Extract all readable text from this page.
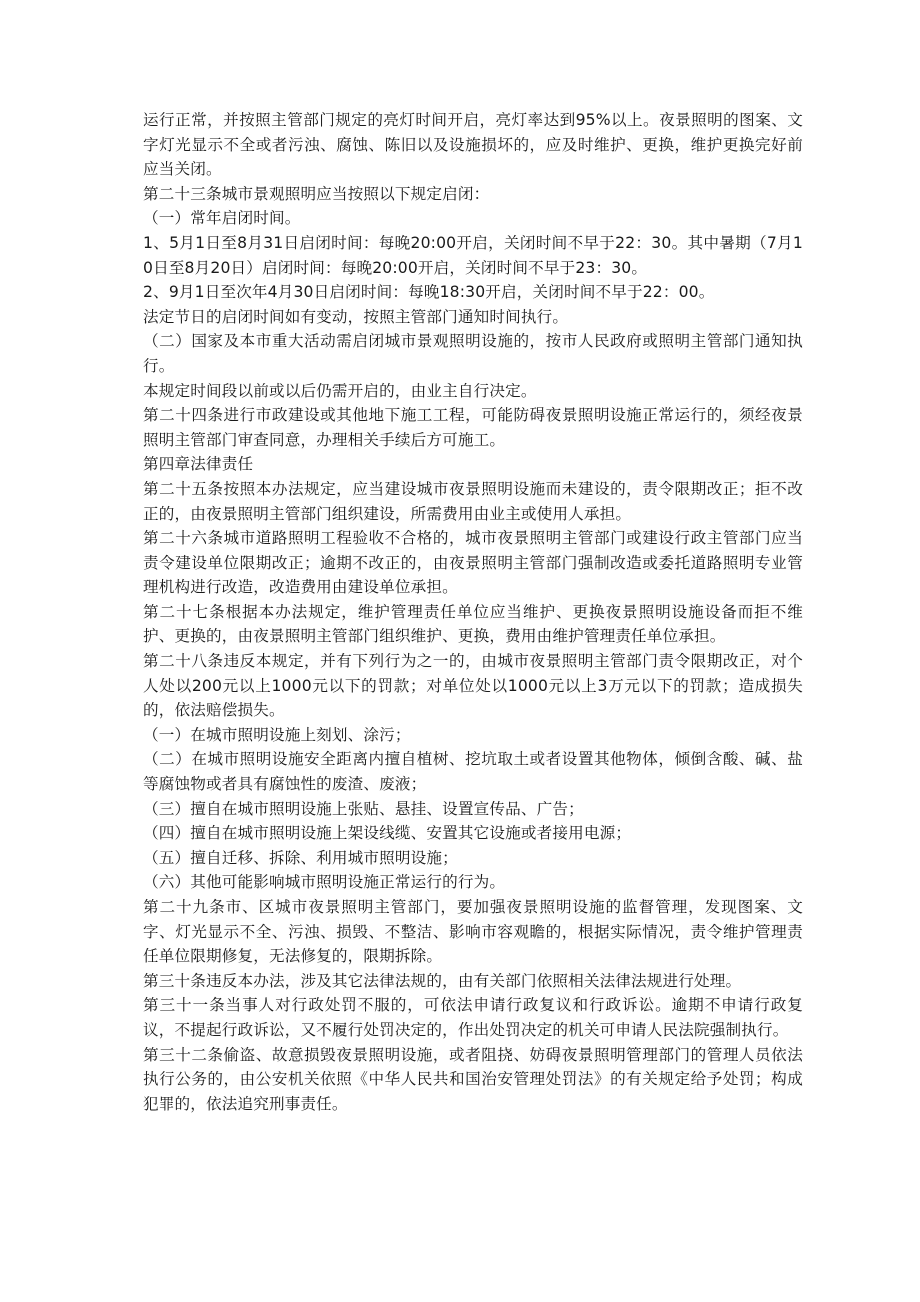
运行正常，并按照主管部门规定的亮灯时间开启，亮灯率达到95%以上。夜景照明的图案、文字灯光显示不全或者污浊、腐蚀、陈旧以及设施损坏的，应及时维护、更换，维护更换完好前应当关闭。

第二十三条城市景观照明应当按照以下规定启闭：

（一）常年启闭时间。

1、5月1日至8月31日启闭时间：每晚20:00开启，关闭时间不早于22：30。其中暑期（7月10日至8月20日）启闭时间：每晚20:00开启，关闭时间不早于23：30。

2、9月1日至次年4月30日启闭时间：每晚18:30开启，关闭时间不早于22：00。

法定节日的启闭时间如有变动，按照主管部门通知时间执行。

（二）国家及本市重大活动需启闭城市景观照明设施的，按市人民政府或照明主管部门通知执行。

本规定时间段以前或以后仍需开启的，由业主自行决定。

第二十四条进行市政建设或其他地下施工工程，可能防碍夜景照明设施正常运行的，须经夜景照明主管部门审查同意，办理相关手续后方可施工。

第四章法律责任

第二十五条按照本办法规定，应当建设城市夜景照明设施而未建设的，责令限期改正；拒不改正的，由夜景照明主管部门组织建设，所需费用由业主或使用人承担。

第二十六条城市道路照明工程验收不合格的，城市夜景照明主管部门或建设行政主管部门应当责令建设单位限期改正；逾期不改正的，由夜景照明主管部门强制改造或委托道路照明专业管理机构进行改造，改造费用由建设单位承担。

第二十七条根据本办法规定，维护管理责任单位应当维护、更换夜景照明设施设备而拒不维护、更换的，由夜景照明主管部门组织维护、更换，费用由维护管理责任单位承担。

第二十八条违反本规定，并有下列行为之一的，由城市夜景照明主管部门责令限期改正，对个人处以200元以上1000元以下的罚款；对单位处以1000元以上3万元以下的罚款；造成损失的，依法赔偿损失。

（一）在城市照明设施上刻划、涂污；

（二）在城市照明设施安全距离内擅自植树、挖坑取土或者设置其他物体，倾倒含酸、碱、盐等腐蚀物或者具有腐蚀性的废渣、废液；

（三）擅自在城市照明设施上张贴、悬挂、设置宣传品、广告；

（四）擅自在城市照明设施上架设线缆、安置其它设施或者接用电源；

（五）擅自迁移、拆除、利用城市照明设施；

（六）其他可能影响城市照明设施正常运行的行为。

第二十九条市、区城市夜景照明主管部门，要加强夜景照明设施的监督管理，发现图案、文字、灯光显示不全、污浊、损毁、不整洁、影响市容观瞻的，根据实际情况，责令维护管理责任单位限期修复，无法修复的，限期拆除。

第三十条违反本办法，涉及其它法律法规的，由有关部门依照相关法律法规进行处理。

第三十一条当事人对行政处罚不服的，可依法申请行政复议和行政诉讼。逾期不申请行政复议，不提起行政诉讼，又不履行处罚决定的，作出处罚决定的机关可申请人民法院强制执行。

第三十二条偷盗、故意损毁夜景照明设施，或者阻挠、妨碍夜景照明管理部门的管理人员依法执行公务的，由公安机关依照《中华人民共和国治安管理处罚法》的有关规定给予处罚；构成犯罪的，依法追究刑事责任。
